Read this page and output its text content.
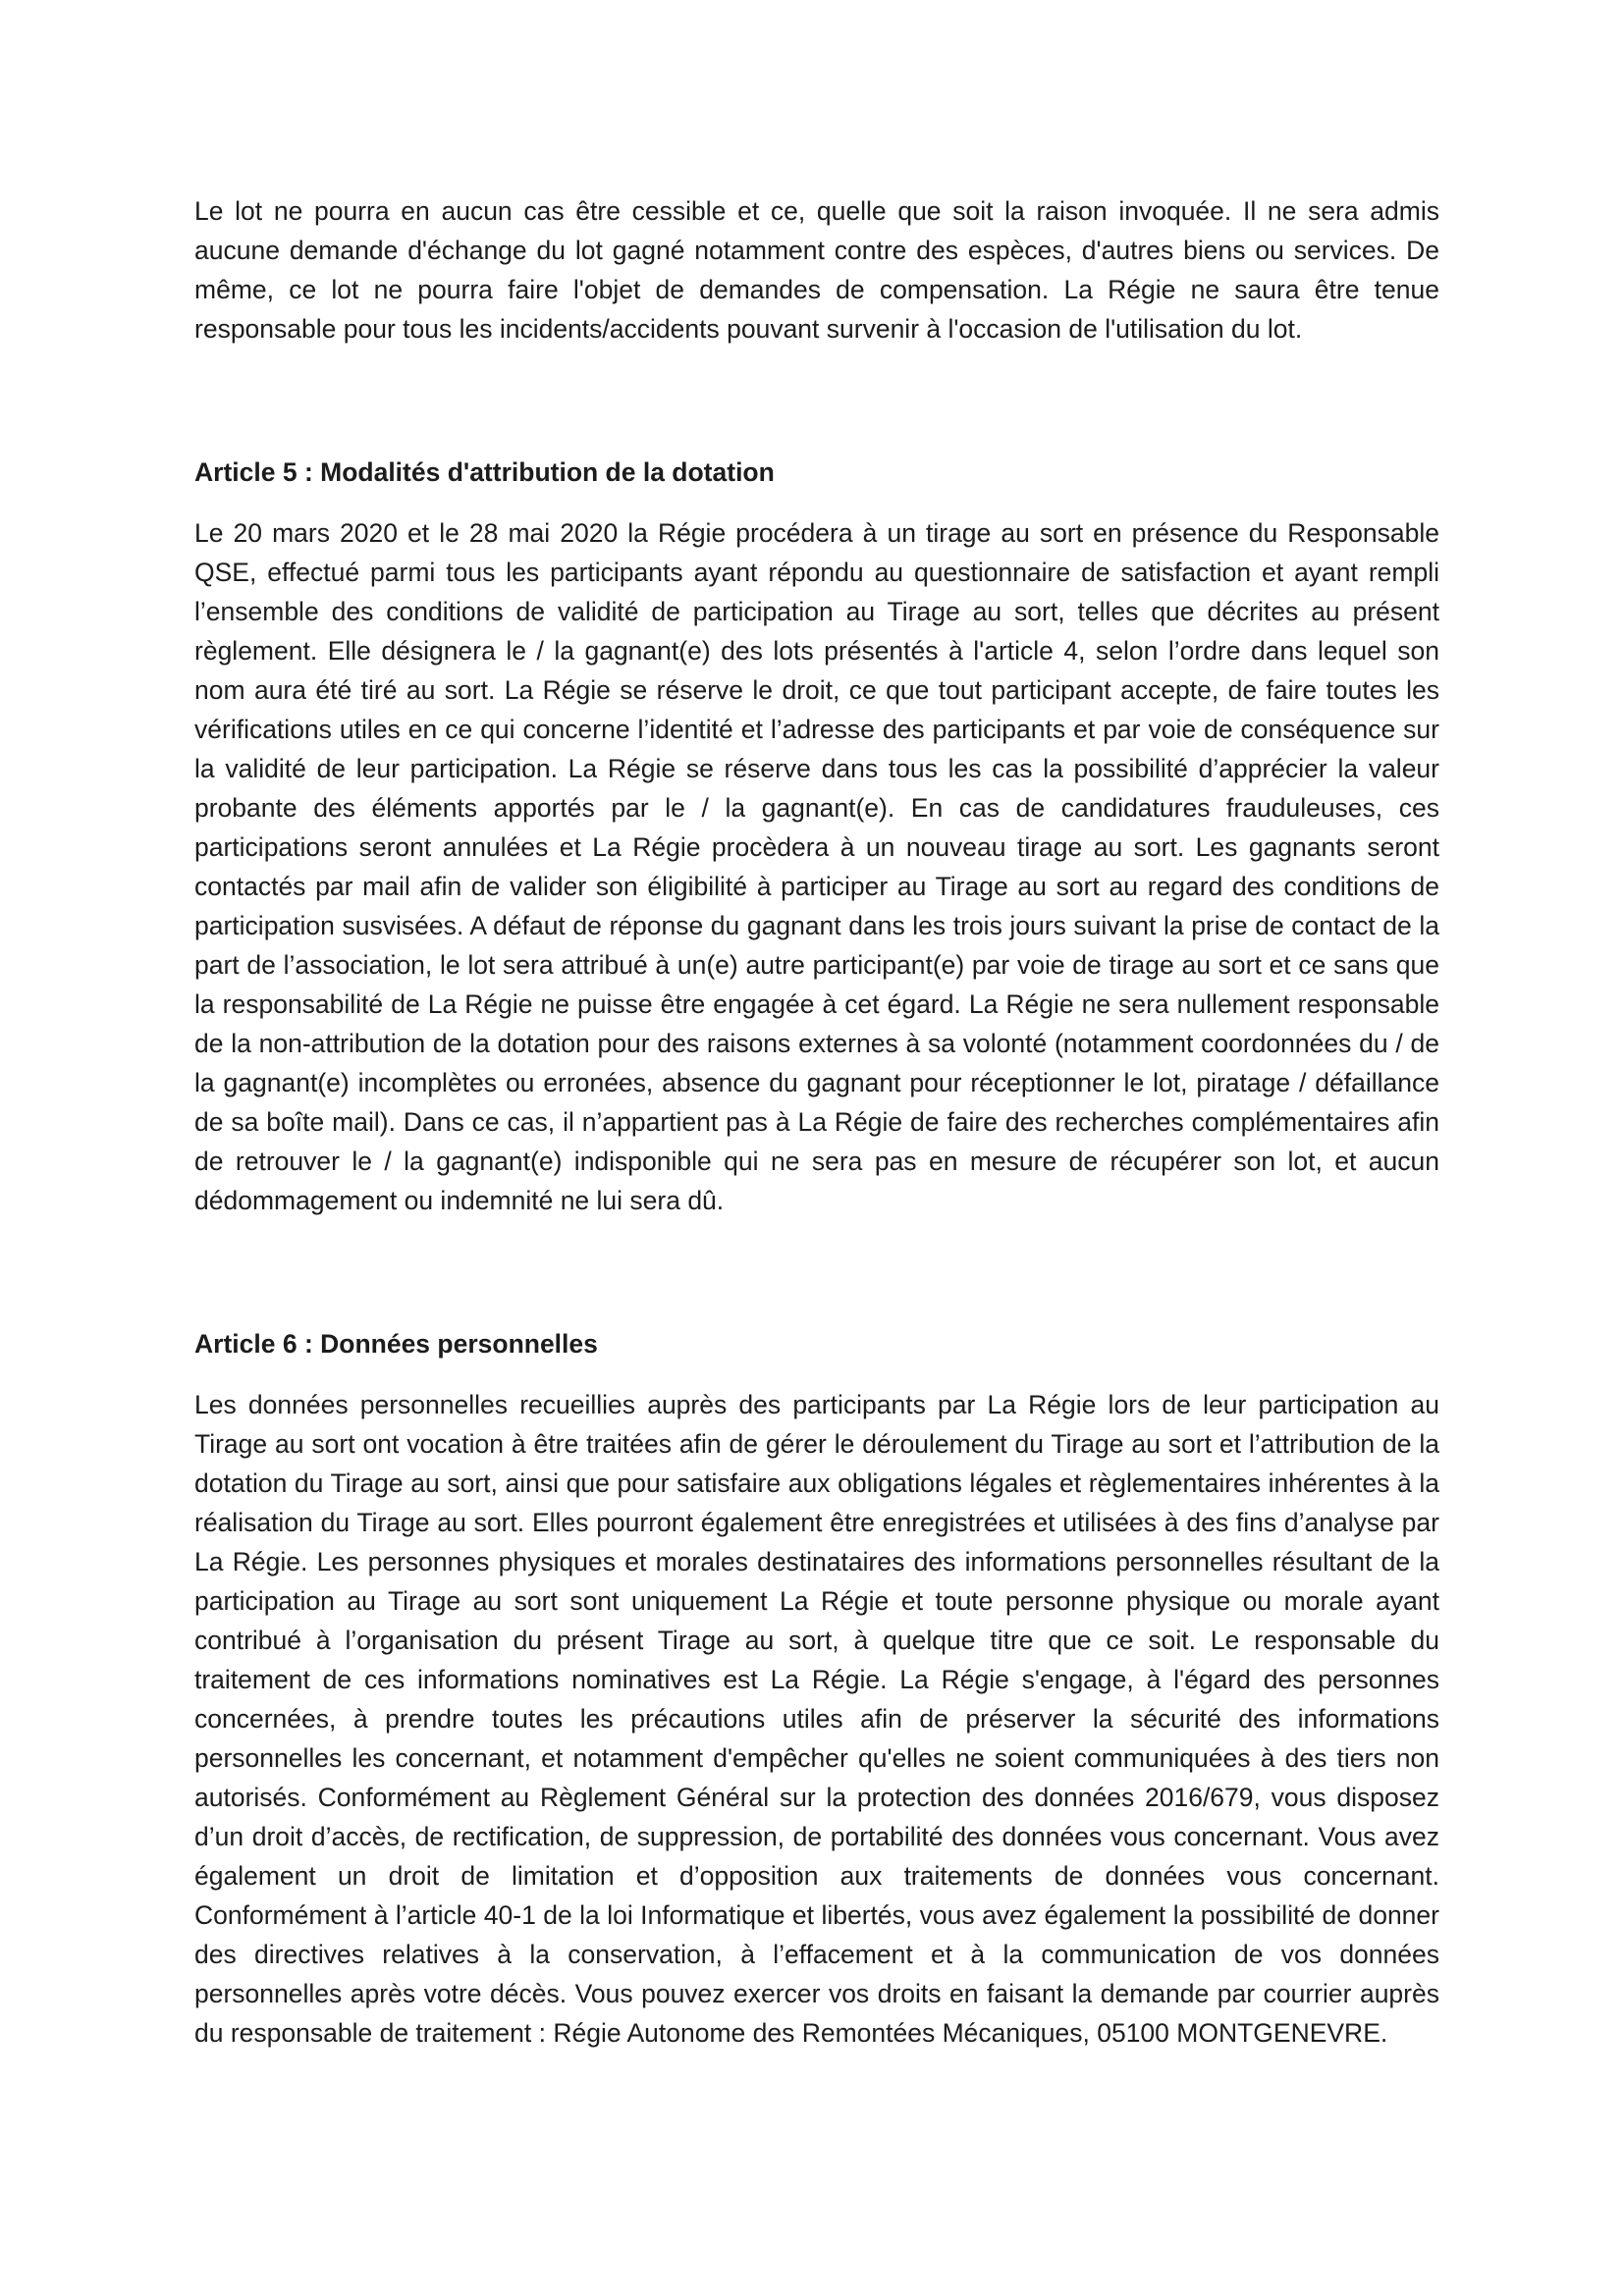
Le lot ne pourra en aucun cas être cessible et ce, quelle que soit la raison invoquée. Il ne sera admis aucune demande d'échange du lot gagné notamment contre des espèces, d'autres biens ou services. De même, ce lot ne pourra faire l'objet de demandes de compensation. La Régie ne saura être tenue responsable pour tous les incidents/accidents pouvant survenir à l'occasion de l'utilisation du lot.

Article 5 : Modalités d'attribution de la dotation

Le 20 mars 2020 et le 28 mai 2020 la Régie procédera à un tirage au sort en présence du Responsable QSE, effectué parmi tous les participants ayant répondu au questionnaire de satisfaction et ayant rempli l’ensemble des conditions de validité de participation au Tirage au sort, telles que décrites au présent règlement. Elle désignera le / la gagnant(e) des lots présentés à l'article 4, selon l’ordre dans lequel son nom aura été tiré au sort. La Régie se réserve le droit, ce que tout participant accepte, de faire toutes les vérifications utiles en ce qui concerne l’identité et l’adresse des participants et par voie de conséquence sur la validité de leur participation. La Régie se réserve dans tous les cas la possibilité d’apprécier la valeur probante des éléments apportés par le / la gagnant(e). En cas de candidatures frauduleuses, ces participations seront annulées et La Régie procèdera à un nouveau tirage au sort. Les gagnants seront contactés par mail afin de valider son éligibilité à participer au Tirage au sort au regard des conditions de participation susvisées. A défaut de réponse du gagnant dans les trois jours suivant la prise de contact de la part de l’association, le lot sera attribué à un(e) autre participant(e) par voie de tirage au sort et ce sans que la responsabilité de La Régie ne puisse être engagée à cet égard. La Régie ne sera nullement responsable de la non-attribution de la dotation pour des raisons externes à sa volonté (notamment coordonnées du / de la gagnant(e) incomplètes ou erronées, absence du gagnant pour réceptionner le lot, piratage / défaillance de sa boîte mail). Dans ce cas, il n’appartient pas à La Régie de faire des recherches complémentaires afin de retrouver le / la gagnant(e) indisponible qui ne sera pas en mesure de récupérer son lot, et aucun dédommagement ou indemnité ne lui sera dû.

Article 6 : Données personnelles

Les données personnelles recueillies auprès des participants par La Régie lors de leur participation au Tirage au sort ont vocation à être traitées afin de gérer le déroulement du Tirage au sort et l’attribution de la dotation du Tirage au sort, ainsi que pour satisfaire aux obligations légales et règlementaires inhérentes à la réalisation du Tirage au sort. Elles pourront également être enregistrées et utilisées à des fins d’analyse par La Régie. Les personnes physiques et morales destinataires des informations personnelles résultant de la participation au Tirage au sort sont uniquement La Régie et toute personne physique ou morale ayant contribué à l’organisation du présent Tirage au sort, à quelque titre que ce soit. Le responsable du traitement de ces informations nominatives est La Régie. La Régie s'engage, à l'égard des personnes concernées, à prendre toutes les précautions utiles afin de préserver la sécurité des informations personnelles les concernant, et notamment d'empêcher qu'elles ne soient communiquées à des tiers non autorisés. Conformément au Règlement Général sur la protection des données 2016/679, vous disposez d’un droit d’accès, de rectification, de suppression, de portabilité des données vous concernant. Vous avez également un droit de limitation et d’opposition aux traitements de données vous concernant. Conformément à l’article 40-1 de la loi Informatique et libertés, vous avez également la possibilité de donner des directives relatives à la conservation, à l’effacement et à la communication de vos données personnelles après votre décès. Vous pouvez exercer vos droits en faisant la demande par courrier auprès du responsable de traitement : Régie Autonome des Remontées Mécaniques, 05100 MONTGENEVRE.
